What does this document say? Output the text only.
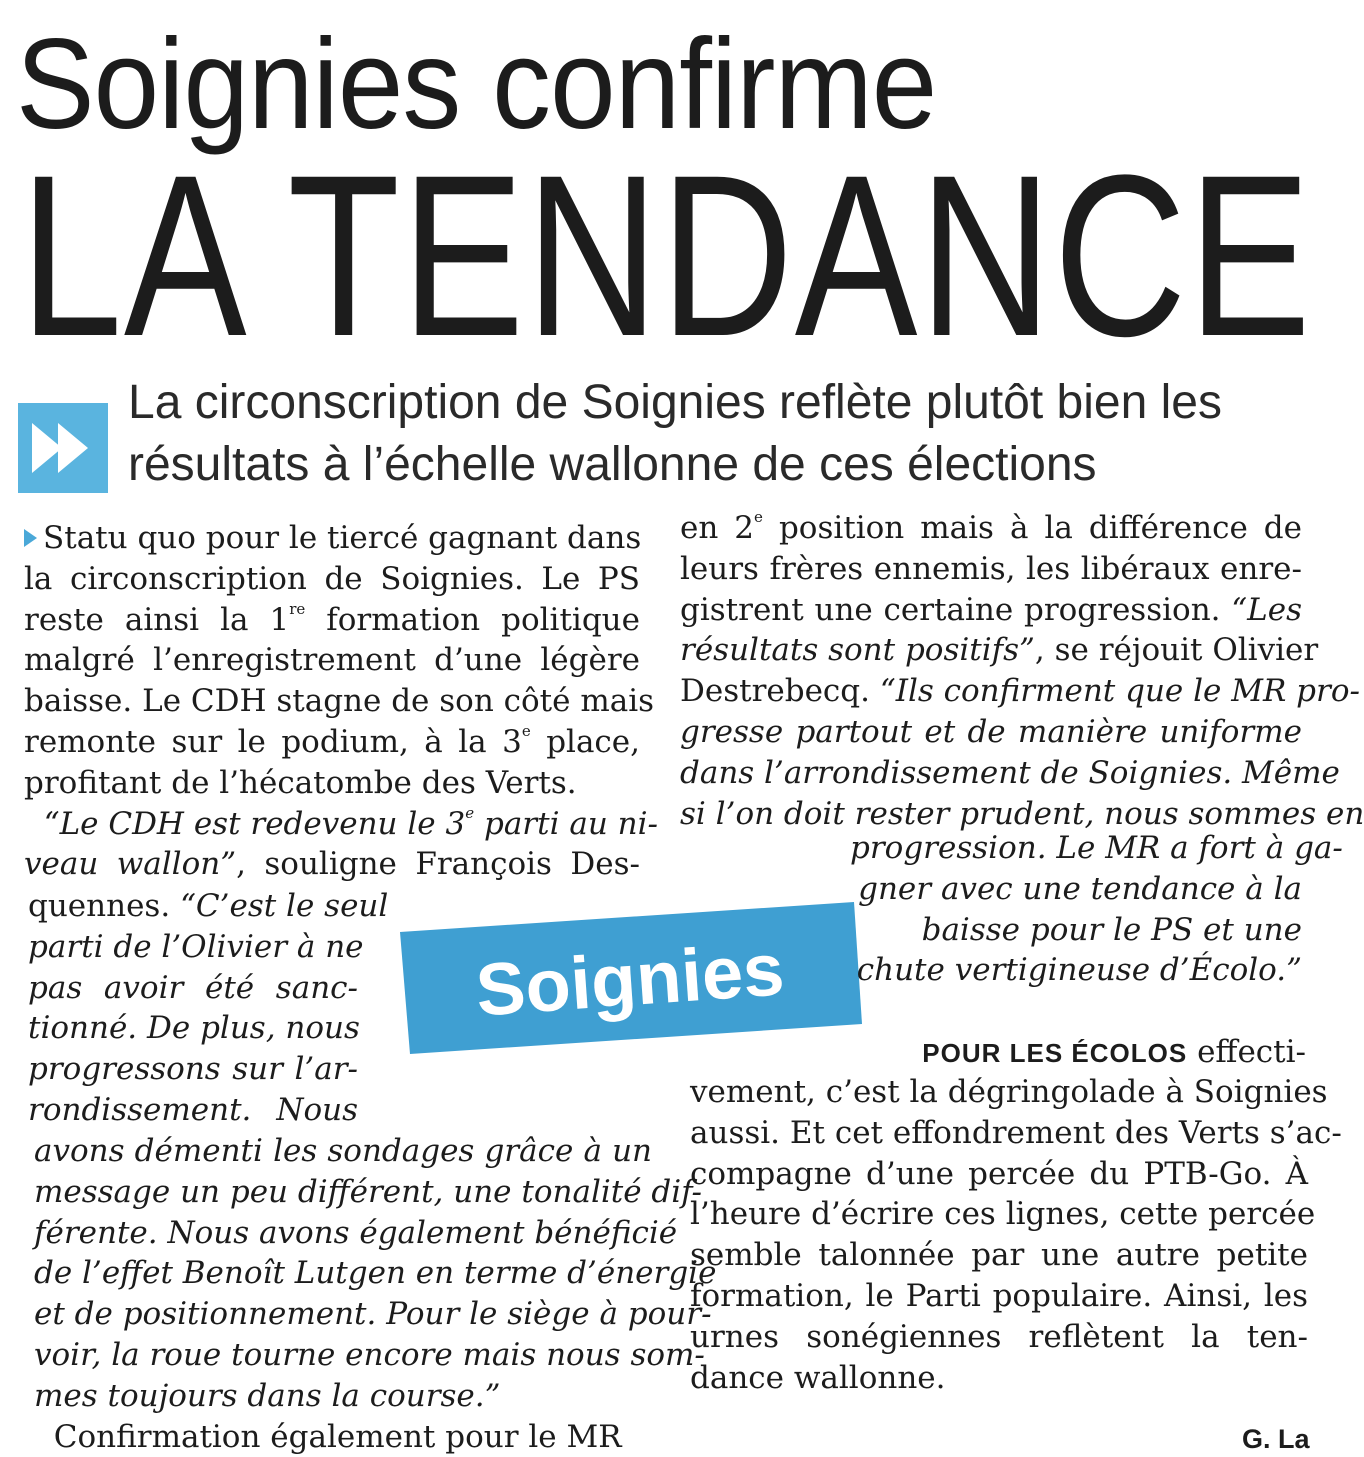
Soignies confirme
LA TENDANCE
La circonscription de Soignies reflète plutôt bien les
résultats à l’échelle wallonne de ces élections
Statu quo pour le tiercé gagnant dans
la circonscription de Soignies. Le PS
reste ainsi la 1re formation politique
malgré l’enregistrement d’une légère
baisse. Le CDH stagne de son côté mais
remonte sur le podium, à la 3e place,
profitant de l’hécatombe des Verts.
“Le CDH est redevenu le 3e parti au ni-
veau wallon”, souligne François Des-
quennes. “C’est le seul
parti de l’Olivier à ne
pas avoir été sanc-
tionné. De plus, nous
progressons sur l’ar-
rondissement. Nous
avons démenti les sondages grâce à un
message un peu différent, une tonalité dif-
férente. Nous avons également bénéficié
de l’effet Benoît Lutgen en terme d’énergie
et de positionnement. Pour le siège à pour-
voir, la roue tourne encore mais nous som-
mes toujours dans la course.”
Confirmation également pour le MR
Soignies
en 2e position mais à la différence de
leurs frères ennemis, les libéraux enre-
gistrent une certaine progression. “Les
résultats sont positifs”, se réjouit Olivier
Destrebecq. “Ils confirment que le MR pro-
gresse partout et de manière uniforme
dans l’arrondissement de Soignies. Même
si l’on doit rester prudent, nous sommes en
progression. Le MR a fort à ga-
gner avec une tendance à la
baisse pour le PS et une
chute vertigineuse d’Écolo.”
POUR LES ÉCOLOS effecti-
vement, c’est la dégringolade à Soignies
aussi. Et cet effondrement des Verts s’ac-
compagne d’une percée du PTB-Go. À
l’heure d’écrire ces lignes, cette percée
semble talonnée par une autre petite
formation, le Parti populaire. Ainsi, les
urnes sonégiennes reflètent la ten-
dance wallonne.
G. La
